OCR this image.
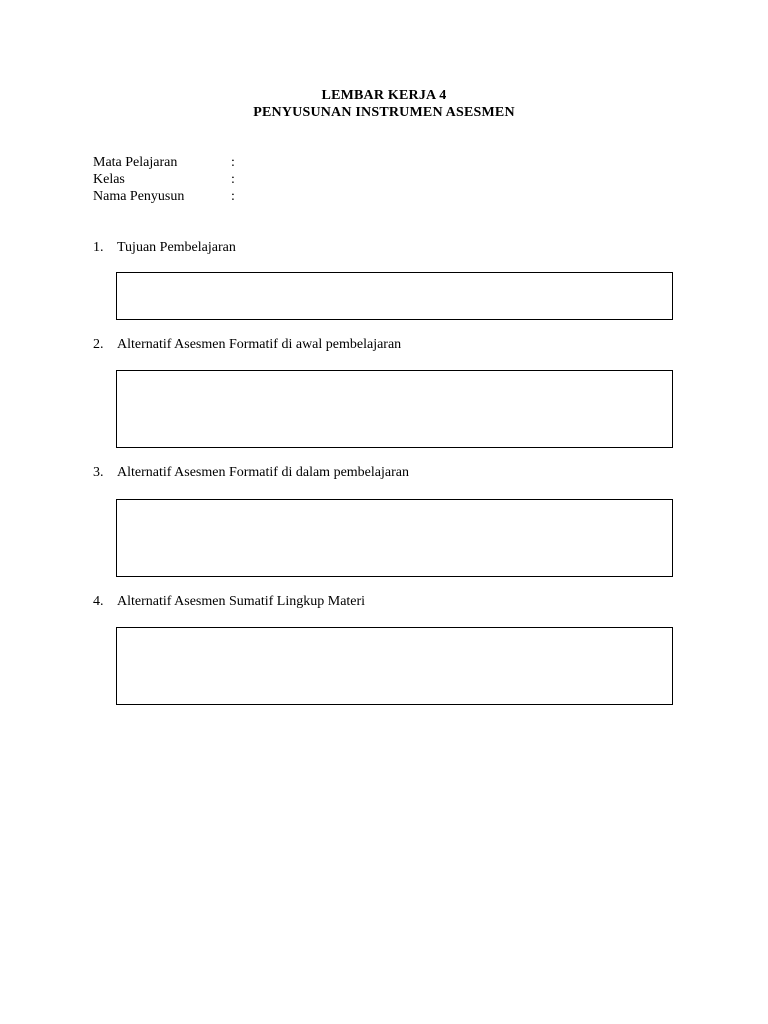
LEMBAR KERJA 4
PENYUSUNAN INSTRUMEN ASESMEN
Mata Pelajaran	:
Kelas	:
Nama Penyusun	:
1. Tujuan Pembelajaran
2. Alternatif Asesmen Formatif di awal pembelajaran
3. Alternatif Asesmen Formatif di dalam pembelajaran
4. Alternatif Asesmen Sumatif Lingkup Materi
